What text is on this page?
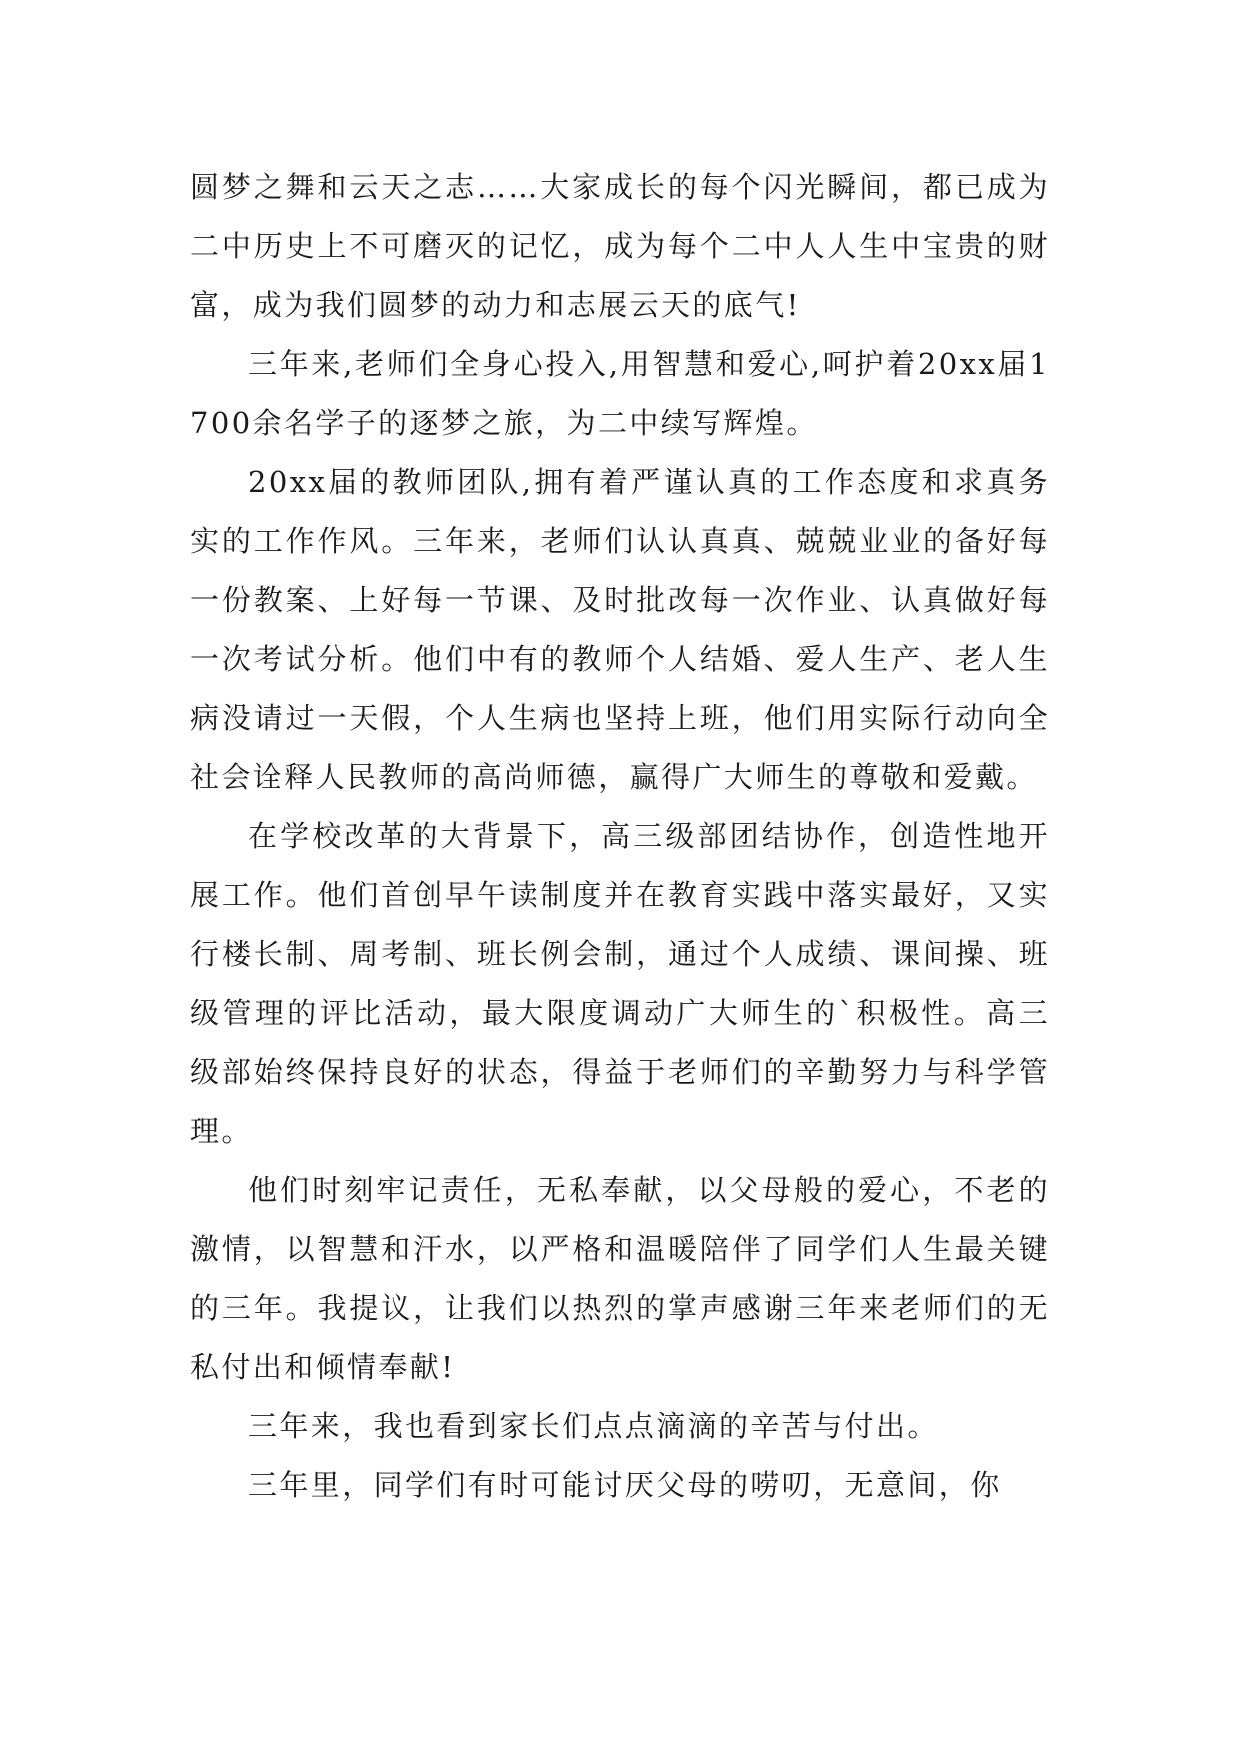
圆梦之舞和云天之志……大家成长的每个闪光瞬间，都已成为二中历史上不可磨灭的记忆，成为每个二中人人生中宝贵的财富，成为我们圆梦的动力和志展云天的底气!

三年来,老师们全身心投入,用智慧和爱心,呵护着20xx届1700余名学子的逐梦之旅，为二中续写辉煌。

20xx届的教师团队,拥有着严谨认真的工作态度和求真务实的工作作风。三年来，老师们认认真真、兢兢业业的备好每一份教案、上好每一节课、及时批改每一次作业、认真做好每一次考试分析。他们中有的教师个人结婚、爱人生产、老人生病没请过一天假，个人生病也坚持上班，他们用实际行动向全社会诠释人民教师的高尚师德，赢得广大师生的尊敬和爱戴。

在学校改革的大背景下，高三级部团结协作，创造性地开展工作。他们首创早午读制度并在教育实践中落实最好，又实行楼长制、周考制、班长例会制，通过个人成绩、课间操、班级管理的评比活动，最大限度调动广大师生的`积极性。高三级部始终保持良好的状态，得益于老师们的辛勤努力与科学管理。

他们时刻牢记责任，无私奉献，以父母般的爱心，不老的激情，以智慧和汗水，以严格和温暖陪伴了同学们人生最关键的三年。我提议，让我们以热烈的掌声感谢三年来老师们的无私付出和倾情奉献!

三年来，我也看到家长们点点滴滴的辛苦与付出。

三年里，同学们有时可能讨厌父母的唠叨，无意间，你
